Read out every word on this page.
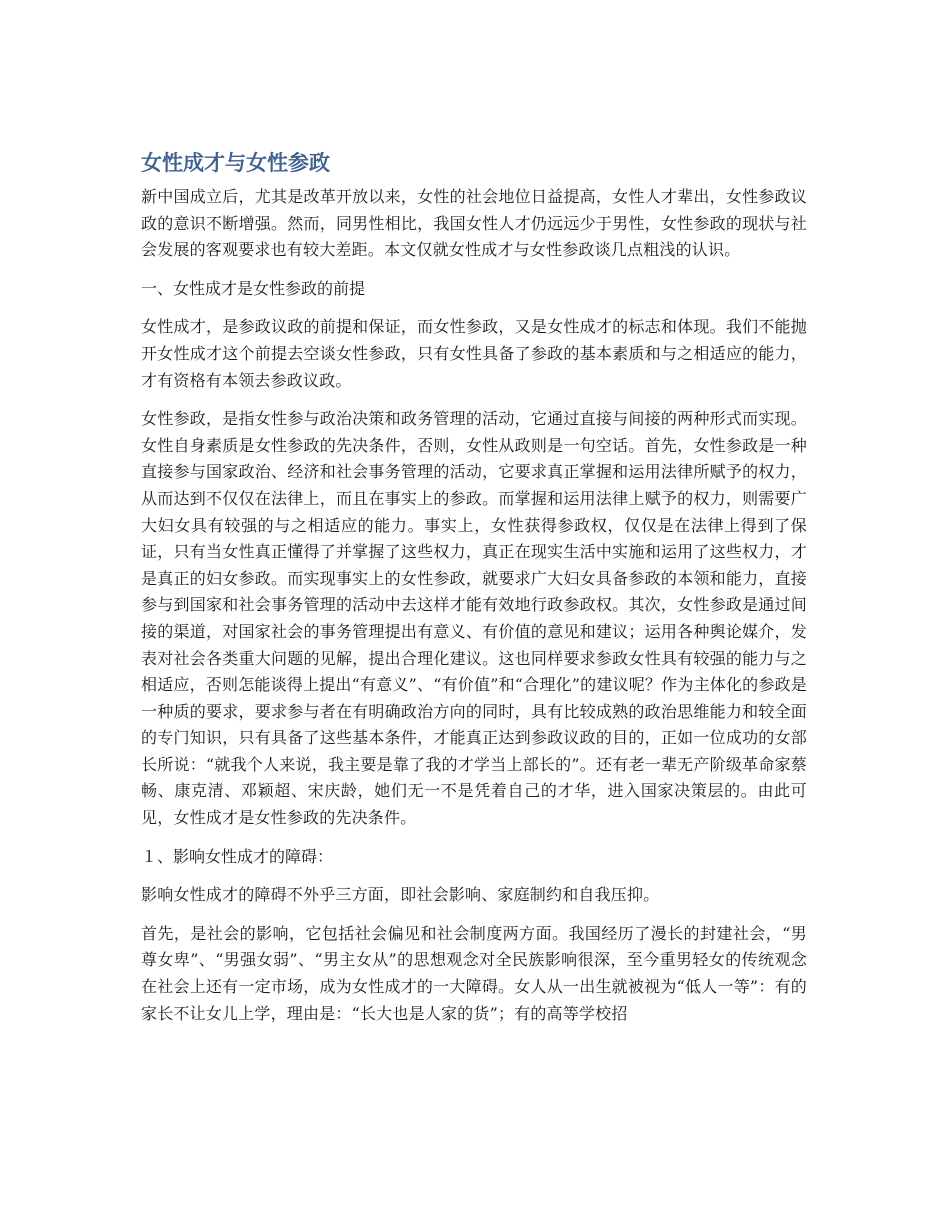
女性成才与女性参政

新中国成立后，尤其是改革开放以来，女性的社会地位日益提高，女性人才辈出，女性参政议政的意识不断增强。然而，同男性相比，我国女性人才仍远远少于男性，女性参政的现状与社会发展的客观要求也有较大差距。本文仅就女性成才与女性参政谈几点粗浅的认识。

一、女性成才是女性参政的前提

女性成才，是参政议政的前提和保证，而女性参政，又是女性成才的标志和体现。我们不能抛开女性成才这个前提去空谈女性参政，只有女性具备了参政的基本素质和与之相适应的能力，才有资格有本领去参政议政。

女性参政，是指女性参与政治决策和政务管理的活动，它通过直接与间接的两种形式而实现。女性自身素质是女性参政的先决条件，否则，女性从政则是一句空话。首先，女性参政是一种直接参与国家政治、经济和社会事务管理的活动，它要求真正掌握和运用法律所赋予的权力，从而达到不仅仅在法律上，而且在事实上的参政。而掌握和运用法律上赋予的权力，则需要广大妇女具有较强的与之相适应的能力。事实上，女性获得参政权，仅仅是在法律上得到了保证，只有当女性真正懂得了并掌握了这些权力，真正在现实生活中实施和运用了这些权力，才是真正的妇女参政。而实现事实上的女性参政，就要求广大妇女具备参政的本领和能力，直接参与到国家和社会事务管理的活动中去这样才能有效地行政参政权。其次，女性参政是通过间接的渠道，对国家社会的事务管理提出有意义、有价值的意见和建议；运用各种舆论媒介，发表对社会各类重大问题的见解，提出合理化建议。这也同样要求参政女性具有较强的能力与之相适应，否则怎能谈得上提出“有意义”、“有价值”和“合理化”的建议呢？作为主体化的参政是一种质的要求，要求参与者在有明确政治方向的同时，具有比较成熟的政治思维能力和较全面的专门知识，只有具备了这些基本条件，才能真正达到参政议政的目的，正如一位成功的女部长所说：“就我个人来说，我主要是靠了我的才学当上部长的”。还有老一辈无产阶级革命家蔡畅、康克清、邓颖超、宋庆龄，她们无一不是凭着自己的才华，进入国家决策层的。由此可见，女性成才是女性参政的先决条件。

１、影响女性成才的障碍：

影响女性成才的障碍不外乎三方面，即社会影响、家庭制约和自我压抑。

首先，是社会的影响，它包括社会偏见和社会制度两方面。我国经历了漫长的封建社会，“男尊女卑”、“男强女弱”、“男主女从”的思想观念对全民族影响很深，至今重男轻女的传统观念在社会上还有一定市场，成为女性成才的一大障碍。女人从一出生就被视为“低人一等”：有的家长不让女儿上学，理由是：“长大也是人家的货”；有的高等学校招
